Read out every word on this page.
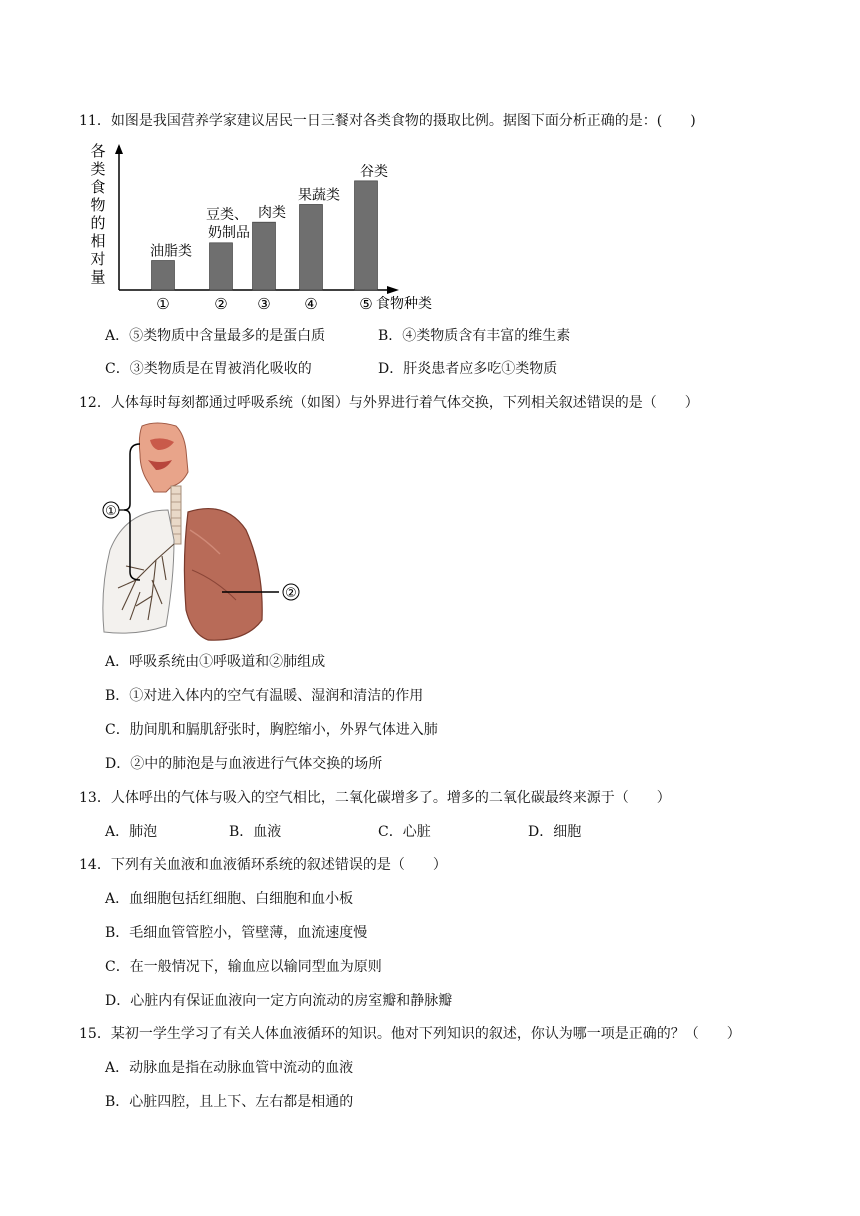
11．如图是我国营养学家建议居民一日三餐对各类食物的摄取比例。据图下面分析正确的是：(　　)
各
类
食
物
的
相
对
量
食物种类
①
油脂类
②
豆类、
奶制品
③
肉类
④
果蔬类
⑤
谷类
A．⑤类物质中含量最多的是蛋白质	B．④类物质含有丰富的维生素
C．③类物质是在胃被消化吸收的	D．肝炎患者应多吃①类物质
12．人体每时每刻都通过呼吸系统（如图）与外界进行着气体交换，下列相关叙述错误的是（　　）
①
②
A．呼吸系统由①呼吸道和②肺组成
B．①对进入体内的空气有温暖、湿润和清洁的作用
C．肋间肌和膈肌舒张时，胸腔缩小，外界气体进入肺
D．②中的肺泡是与血液进行气体交换的场所
13．人体呼出的气体与吸入的空气相比，二氧化碳增多了。增多的二氧化碳最终来源于（　　）
A．肺泡	B．血液	C．心脏	D．细胞
14．下列有关血液和血液循环系统的叙述错误的是（　　）
A．血细胞包括红细胞、白细胞和血小板
B．毛细血管管腔小，管壁薄，血流速度慢
C．在一般情况下，输血应以输同型血为原则
D．心脏内有保证血液向一定方向流动的房室瓣和静脉瓣
15．某初一学生学习了有关人体血液循环的知识。他对下列知识的叙述，你认为哪一项是正确的？（　　）
A．动脉血是指在动脉血管中流动的血液
B．心脏四腔，且上下、左右都是相通的
